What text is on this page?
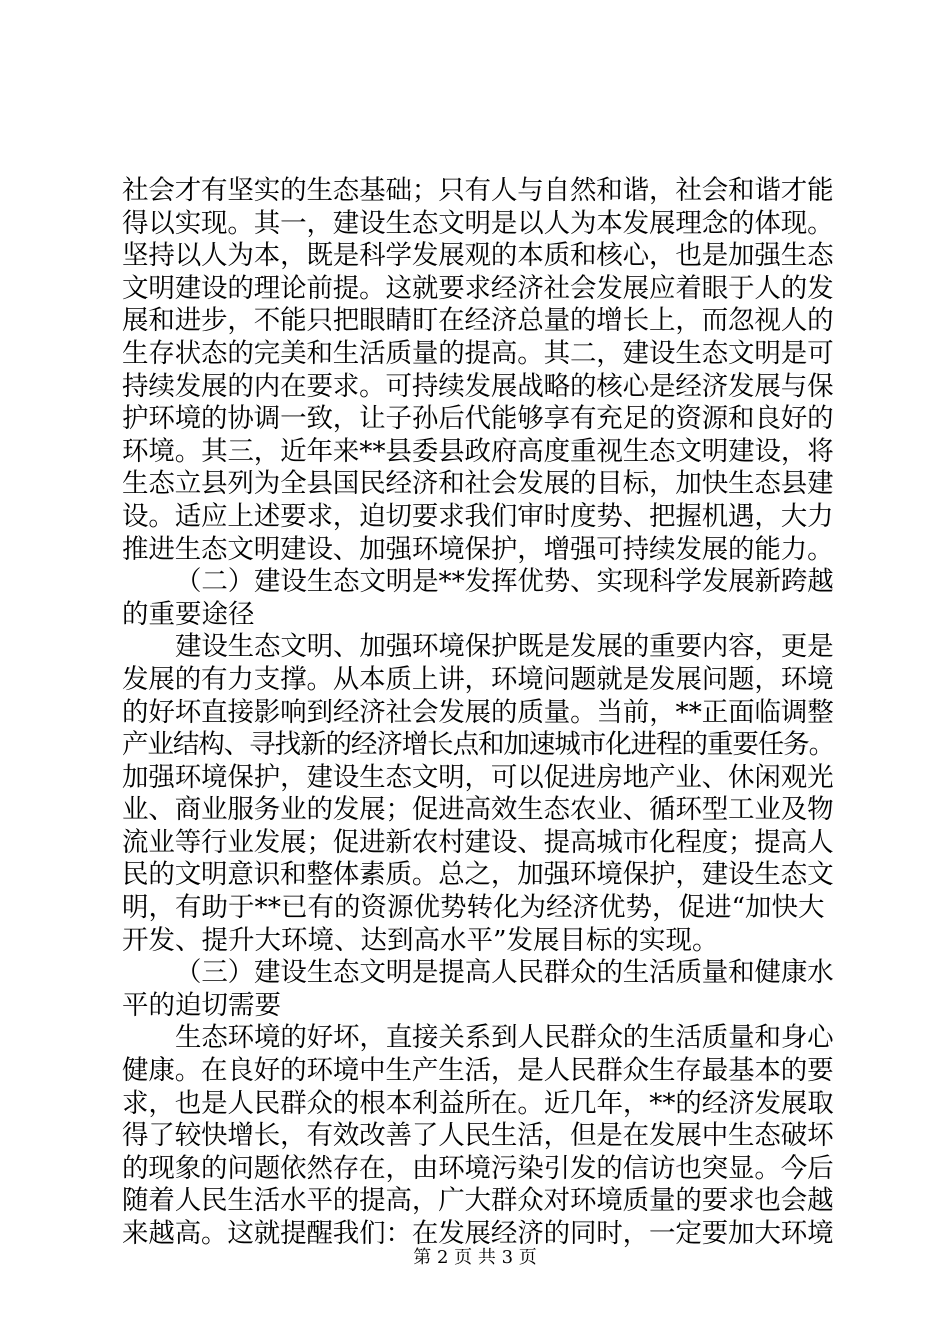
社会才有坚实的生态基础；只有人与自然和谐，社会和谐才能
得以实现。其一，建设生态文明是以人为本发展理念的体现。
坚持以人为本，既是科学发展观的本质和核心，也是加强生态
文明建设的理论前提。这就要求经济社会发展应着眼于人的发
展和进步，不能只把眼睛盯在经济总量的增长上，而忽视人的
生存状态的完美和生活质量的提高。其二，建设生态文明是可
持续发展的内在要求。可持续发展战略的核心是经济发展与保
护环境的协调一致，让子孙后代能够享有充足的资源和良好的
环境。其三，近年来**县委县政府高度重视生态文明建设，将
生态立县列为全县国民经济和社会发展的目标，加快生态县建
设。适应上述要求，迫切要求我们审时度势、把握机遇，大力
推进生态文明建设、加强环境保护，增强可持续发展的能力。
（二）建设生态文明是**发挥优势、实现科学发展新跨越
的重要途径
建设生态文明、加强环境保护既是发展的重要内容，更是
发展的有力支撑。从本质上讲，环境问题就是发展问题，环境
的好坏直接影响到经济社会发展的质量。当前，**正面临调整
产业结构、寻找新的经济增长点和加速城市化进程的重要任务。
加强环境保护，建设生态文明，可以促进房地产业、休闲观光
业、商业服务业的发展；促进高效生态农业、循环型工业及物
流业等行业发展；促进新农村建设、提高城市化程度；提高人
民的文明意识和整体素质。总之，加强环境保护，建设生态文
明，有助于**已有的资源优势转化为经济优势，促进“加快大
开发、提升大环境、达到高水平”发展目标的实现。
（三）建设生态文明是提高人民群众的生活质量和健康水
平的迫切需要
生态环境的好坏，直接关系到人民群众的生活质量和身心
健康。在良好的环境中生产生活，是人民群众生存最基本的要
求，也是人民群众的根本利益所在。近几年，**的经济发展取
得了较快增长，有效改善了人民生活，但是在发展中生态破坏
的现象的问题依然存在，由环境污染引发的信访也突显。今后
随着人民生活水平的提高，广大群众对环境质量的要求也会越
来越高。这就提醒我们：在发展经济的同时，一定要加大环境
第 2 页 共 3 页
